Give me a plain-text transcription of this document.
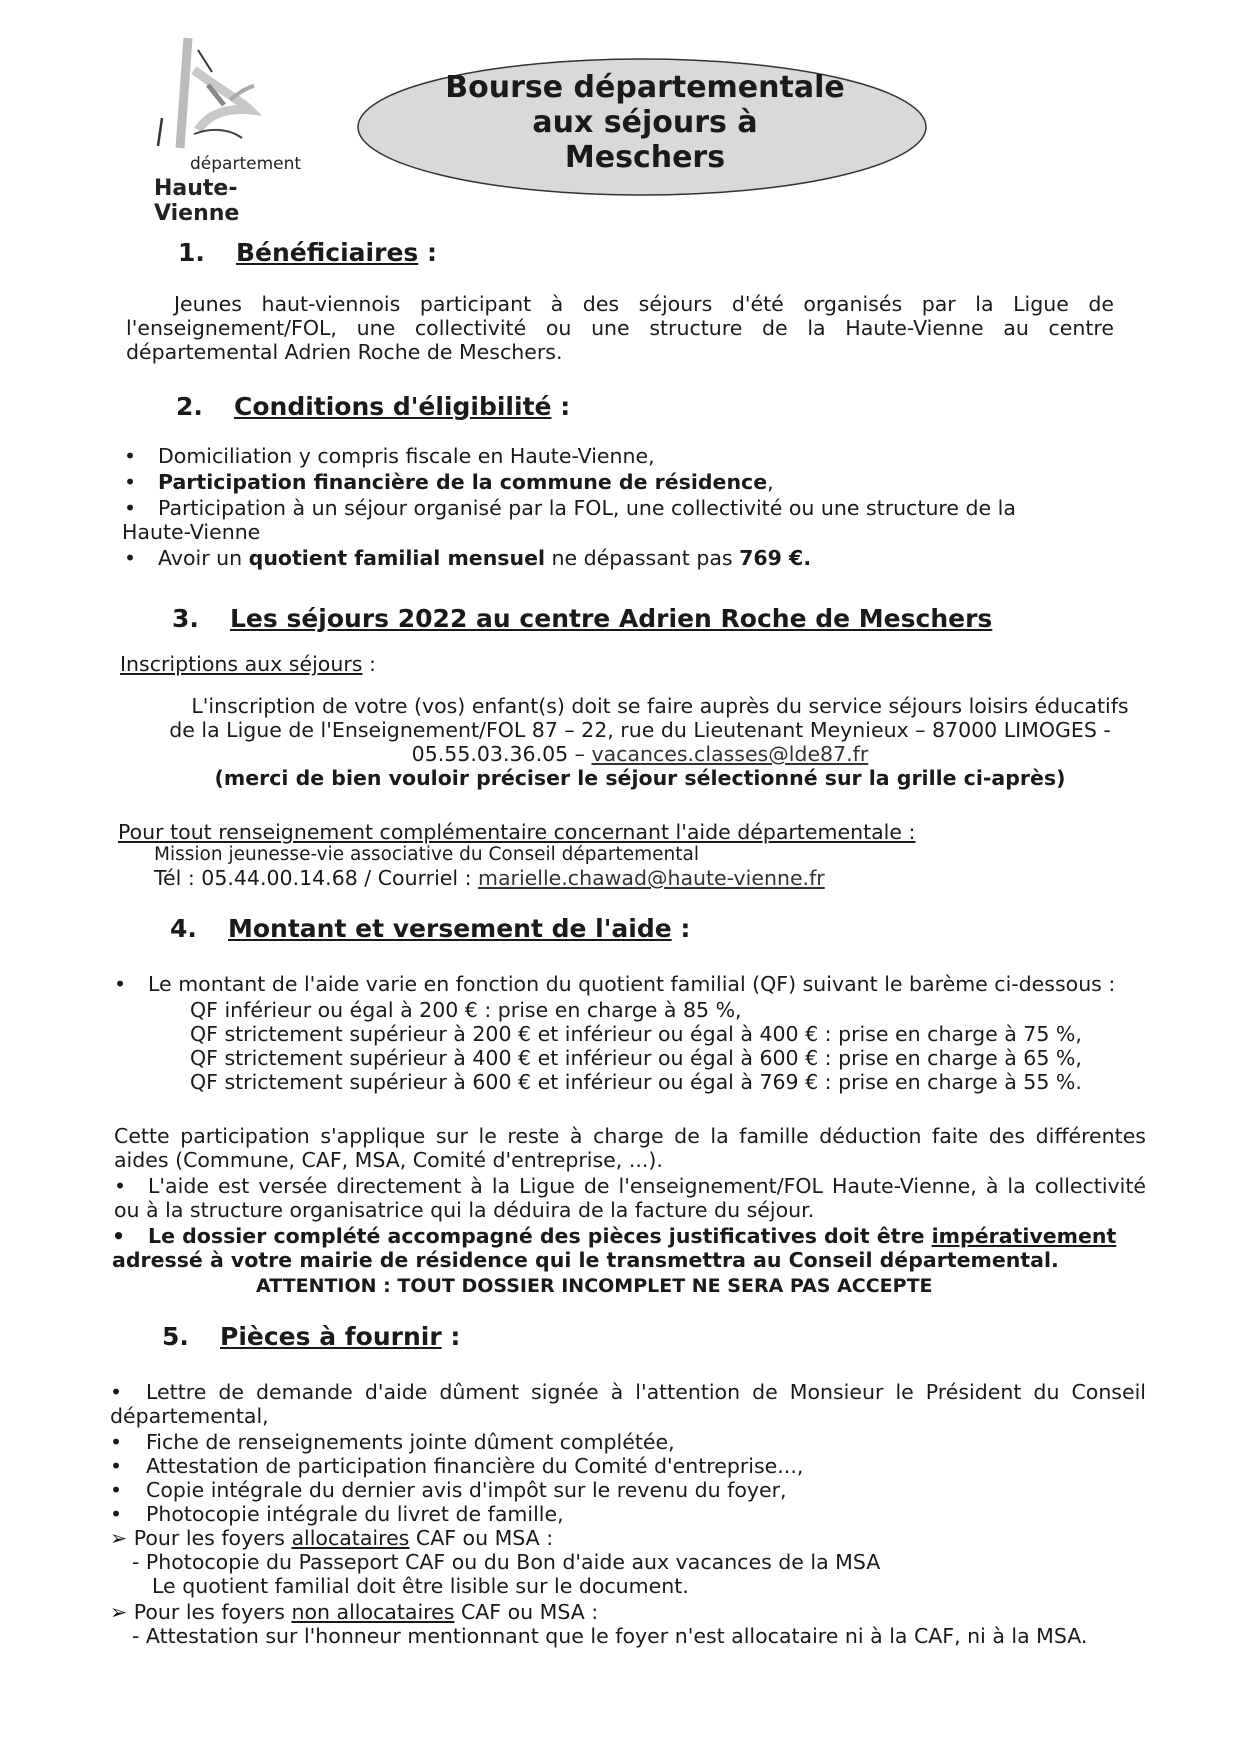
département
Haute-Vienne
Bourse départementale
aux séjours à
Meschers
1. Bénéficiaires :
Jeunes haut-viennois participant à des séjours d'été organisés par la Ligue de
l'enseignement/FOL, une collectivité ou une structure de la Haute-Vienne au centre
départemental Adrien Roche de Meschers.
2. Conditions d'éligibilité :
• Domiciliation y compris fiscale en Haute-Vienne,
• Participation financière de la commune de résidence,
• Participation à un séjour organisé par la FOL, une collectivité ou une structure de la
Haute-Vienne
• Avoir un quotient familial mensuel ne dépassant pas 769 €.
3. Les séjours 2022 au centre Adrien Roche de Meschers
Inscriptions aux séjours :
L'inscription de votre (vos) enfant(s) doit se faire auprès du service séjours loisirs éducatifs
de la Ligue de l'Enseignement/FOL 87 – 22, rue du Lieutenant Meynieux – 87000 LIMOGES -
05.55.03.36.05 – vacances.classes@lde87.fr
(merci de bien vouloir préciser le séjour sélectionné sur la grille ci-après)
Pour tout renseignement complémentaire concernant l'aide départementale :
Mission jeunesse-vie associative du Conseil départemental
Tél : 05.44.00.14.68 / Courriel : marielle.chawad@haute-vienne.fr
4. Montant et versement de l'aide :
• Le montant de l'aide varie en fonction du quotient familial (QF) suivant le barème ci-dessous :
QF inférieur ou égal à 200 € : prise en charge à 85 %,
QF strictement supérieur à 200 € et inférieur ou égal à 400 € : prise en charge à 75 %,
QF strictement supérieur à 400 € et inférieur ou égal à 600 € : prise en charge à 65 %,
QF strictement supérieur à 600 € et inférieur ou égal à 769 € : prise en charge à 55 %.
Cette participation s'applique sur le reste à charge de la famille déduction faite des différentes
aides (Commune, CAF, MSA, Comité d'entreprise, ...).
• L'aide est versée directement à la Ligue de l'enseignement/FOL Haute-Vienne, à la collectivité
ou à la structure organisatrice qui la déduira de la facture du séjour.
• Le dossier complété accompagné des pièces justificatives doit être impérativement
adressé à votre mairie de résidence qui le transmettra au Conseil départemental.
ATTENTION : TOUT DOSSIER INCOMPLET NE SERA PAS ACCEPTE
5. Pièces à fournir :
• Lettre de demande d'aide dûment signée à l'attention de Monsieur le Président du Conseil
départemental,
• Fiche de renseignements jointe dûment complétée,
• Attestation de participation financière du Comité d'entreprise...,
• Copie intégrale du dernier avis d'impôt sur le revenu du foyer,
• Photocopie intégrale du livret de famille,
➢ Pour les foyers allocataires CAF ou MSA :
- Photocopie du Passeport CAF ou du Bon d'aide aux vacances de la MSA
Le quotient familial doit être lisible sur le document.
➢ Pour les foyers non allocataires CAF ou MSA :
- Attestation sur l'honneur mentionnant que le foyer n'est allocataire ni à la CAF, ni à la MSA.
